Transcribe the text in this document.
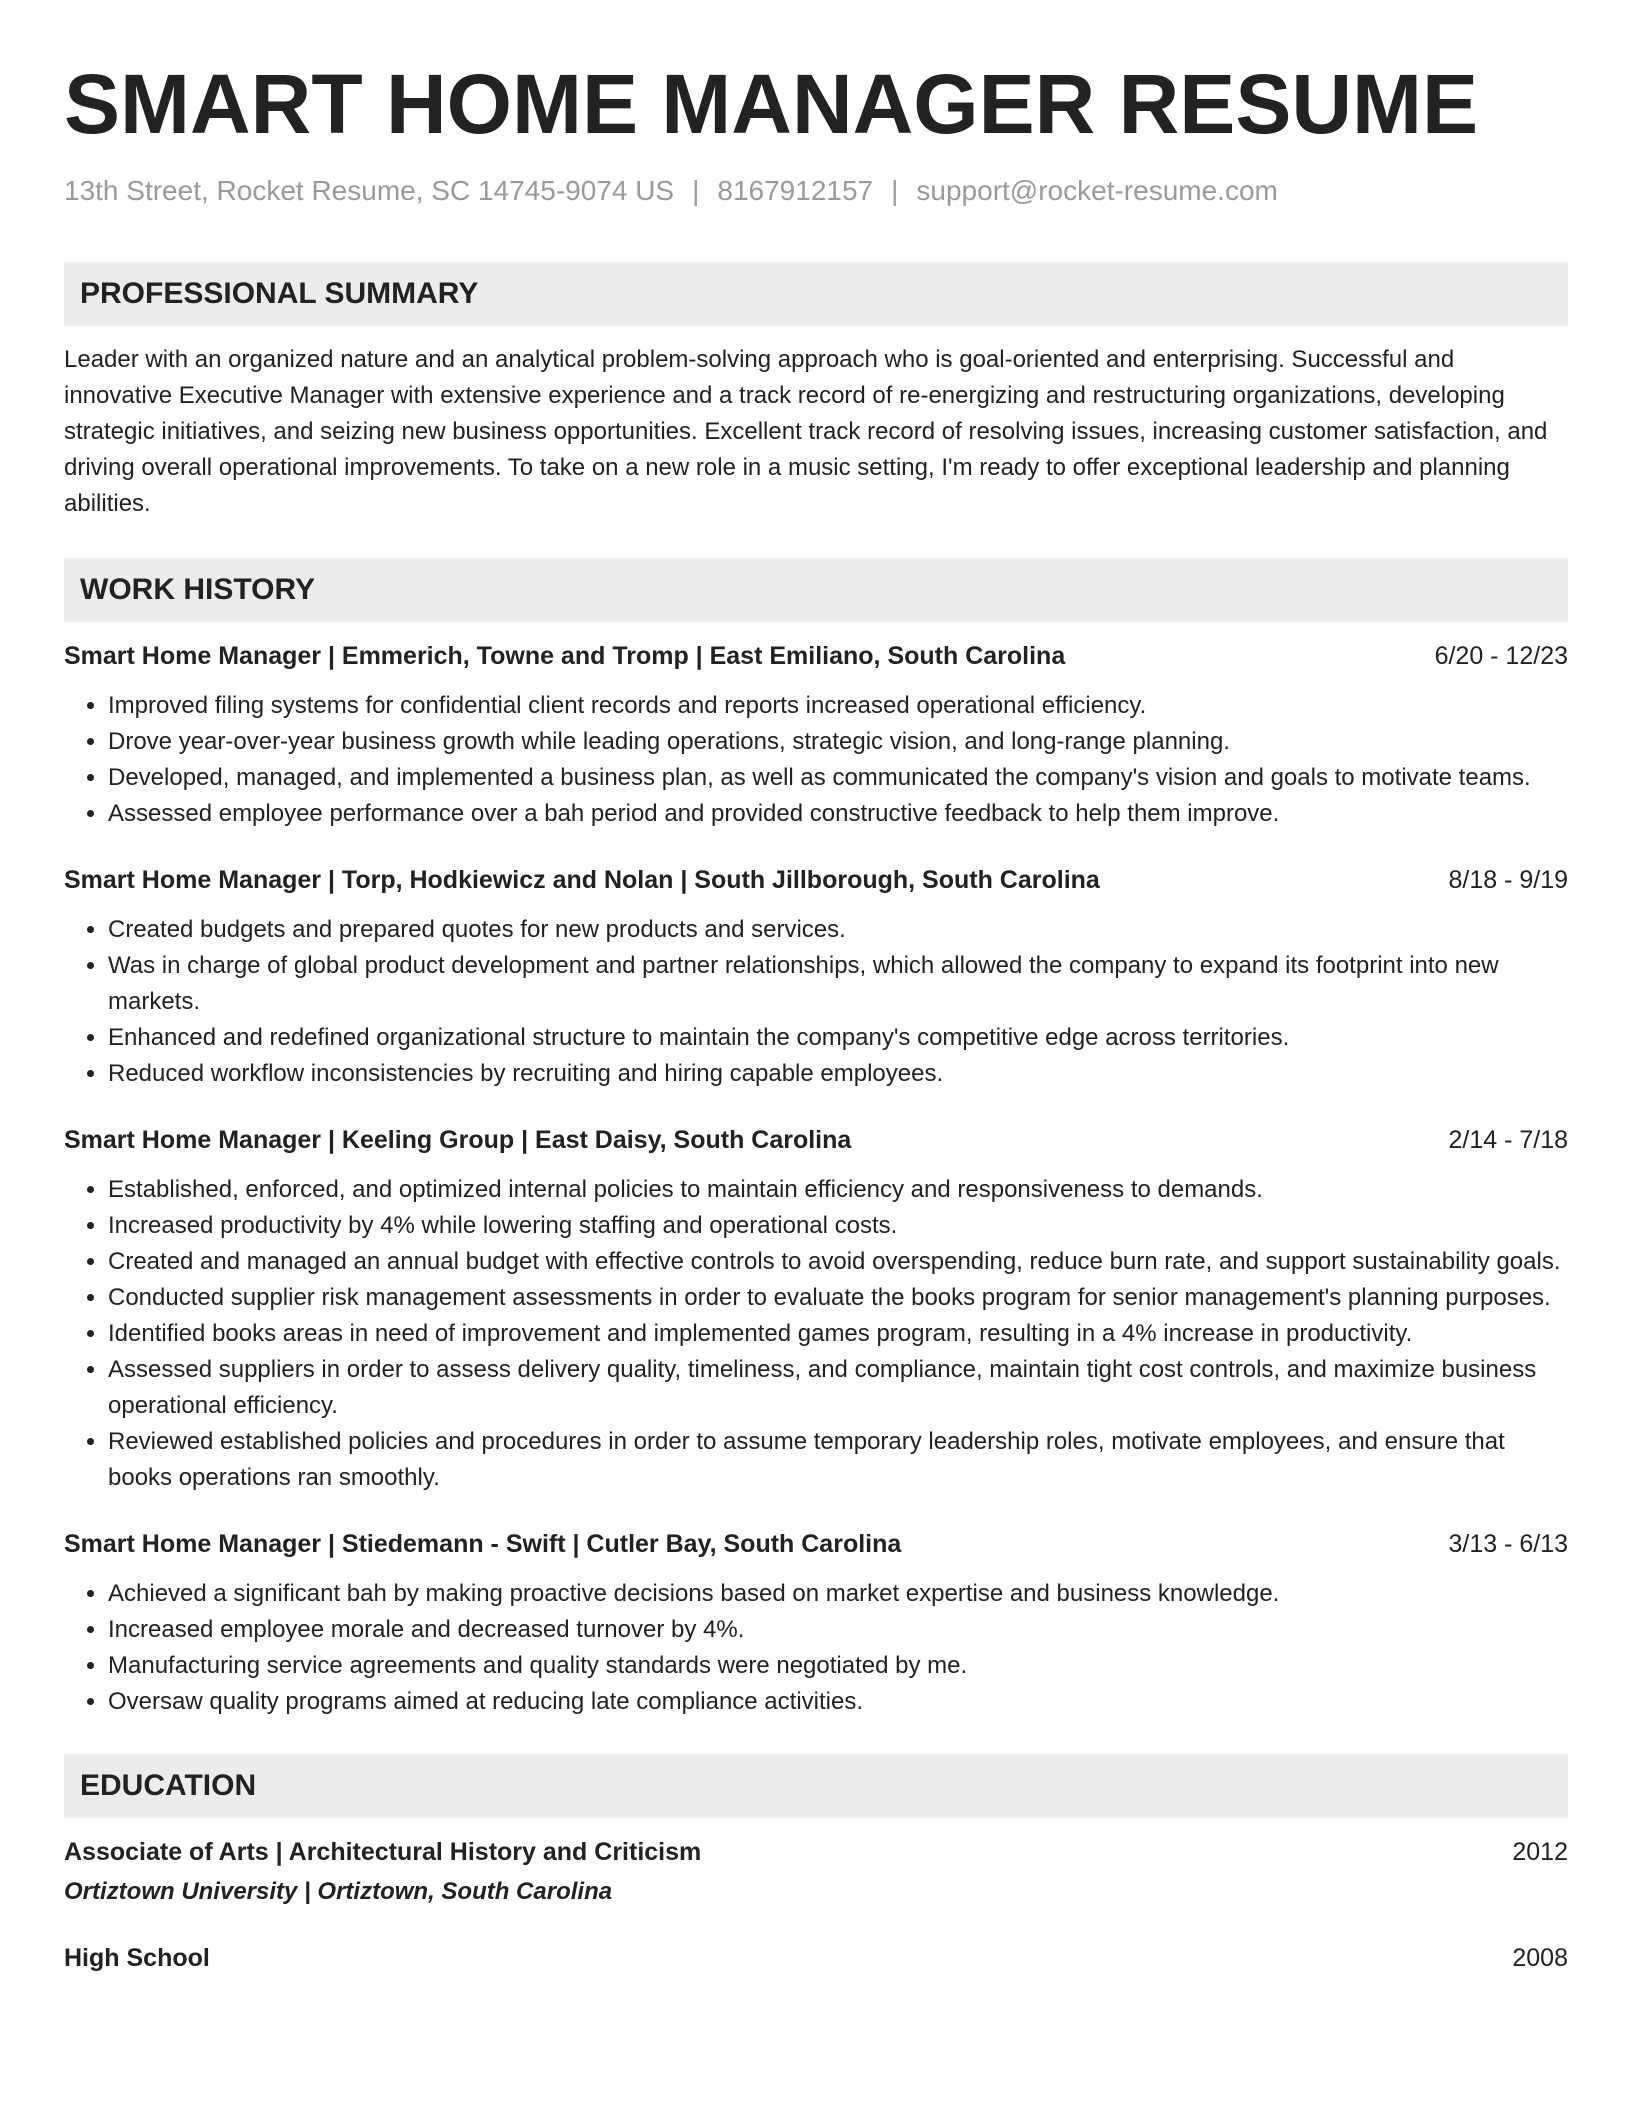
SMART HOME MANAGER RESUME
13th Street, Rocket Resume, SC 14745-9074 US | 8167912157 | support@rocket-resume.com
PROFESSIONAL SUMMARY
Leader with an organized nature and an analytical problem-solving approach who is goal-oriented and enterprising. Successful and innovative Executive Manager with extensive experience and a track record of re-energizing and restructuring organizations, developing strategic initiatives, and seizing new business opportunities. Excellent track record of resolving issues, increasing customer satisfaction, and driving overall operational improvements. To take on a new role in a music setting, I'm ready to offer exceptional leadership and planning abilities.
WORK HISTORY
Smart Home Manager | Emmerich, Towne and Tromp | East Emiliano, South Carolina	6/20 - 12/23
• Improved filing systems for confidential client records and reports increased operational efficiency.
• Drove year-over-year business growth while leading operations, strategic vision, and long-range planning.
• Developed, managed, and implemented a business plan, as well as communicated the company's vision and goals to motivate teams.
• Assessed employee performance over a bah period and provided constructive feedback to help them improve.
Smart Home Manager | Torp, Hodkiewicz and Nolan | South Jillborough, South Carolina	8/18 - 9/19
• Created budgets and prepared quotes for new products and services.
• Was in charge of global product development and partner relationships, which allowed the company to expand its footprint into new markets.
• Enhanced and redefined organizational structure to maintain the company's competitive edge across territories.
• Reduced workflow inconsistencies by recruiting and hiring capable employees.
Smart Home Manager | Keeling Group | East Daisy, South Carolina	2/14 - 7/18
• Established, enforced, and optimized internal policies to maintain efficiency and responsiveness to demands.
• Increased productivity by 4% while lowering staffing and operational costs.
• Created and managed an annual budget with effective controls to avoid overspending, reduce burn rate, and support sustainability goals.
• Conducted supplier risk management assessments in order to evaluate the books program for senior management's planning purposes.
• Identified books areas in need of improvement and implemented games program, resulting in a 4% increase in productivity.
• Assessed suppliers in order to assess delivery quality, timeliness, and compliance, maintain tight cost controls, and maximize business operational efficiency.
• Reviewed established policies and procedures in order to assume temporary leadership roles, motivate employees, and ensure that books operations ran smoothly.
Smart Home Manager | Stiedemann - Swift | Cutler Bay, South Carolina	3/13 - 6/13
• Achieved a significant bah by making proactive decisions based on market expertise and business knowledge.
• Increased employee morale and decreased turnover by 4%.
• Manufacturing service agreements and quality standards were negotiated by me.
• Oversaw quality programs aimed at reducing late compliance activities.
EDUCATION
Associate of Arts | Architectural History and Criticism	2012
Ortiztown University | Ortiztown, South Carolina
High School	2008
